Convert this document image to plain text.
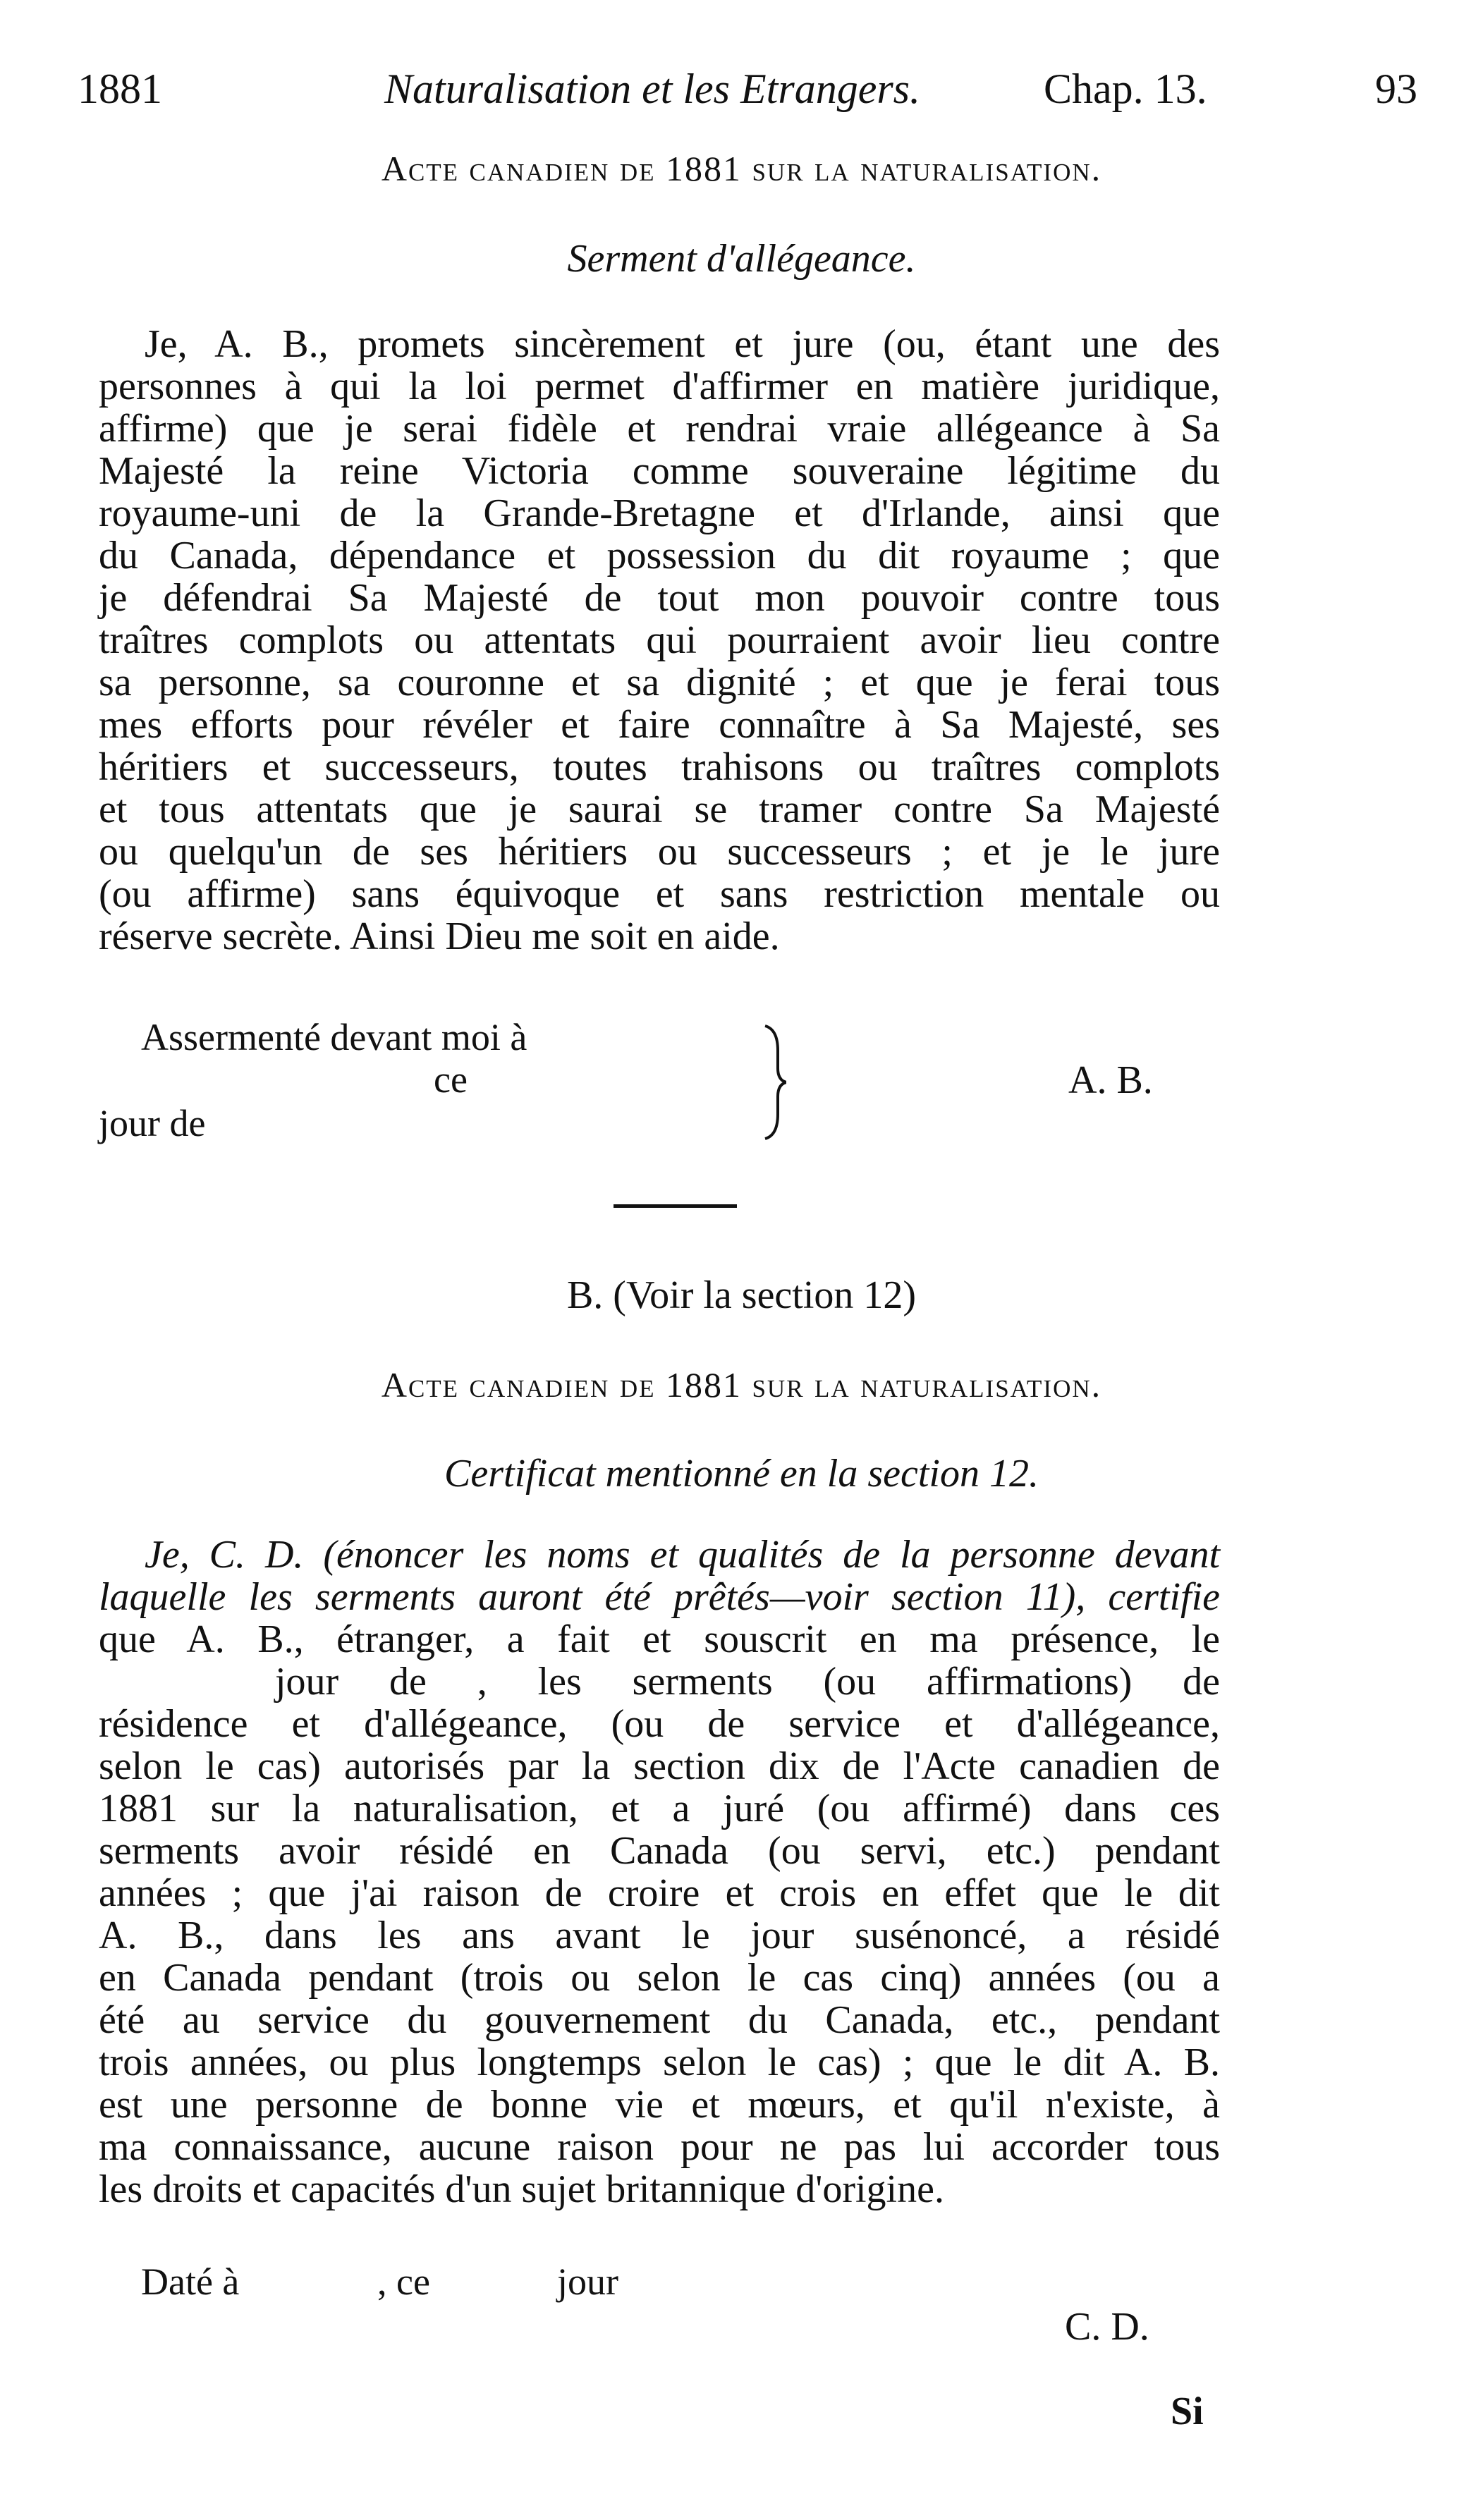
1881	Naturalisation et les Etrangers.	Chap. 13.	93
Acte canadien de 1881 sur la naturalisation.
Serment d'allégeance.
Je, A. B., promets sincèrement et jure (ou, étant une des
personnes à qui la loi permet d'affirmer en matière juridique,
affirme) que je serai fidèle et rendrai vraie allégeance à Sa
Majesté la reine Victoria comme souveraine légitime du
royaume-uni de la Grande-Bretagne et d'Irlande, ainsi que
du Canada, dépendance et possession du dit royaume ; que
je défendrai Sa Majesté de tout mon pouvoir contre tous
traîtres complots ou attentats qui pourraient avoir lieu contre
sa personne, sa couronne et sa dignité ; et que je ferai tous
mes efforts pour révéler et faire connaître à Sa Majesté, ses
héritiers et successeurs, toutes trahisons ou traîtres complots
et tous attentats que je saurai se tramer contre Sa Majesté
ou quelqu'un de ses héritiers ou successeurs ; et je le jure
(ou affirme) sans équivoque et sans restriction mentale ou
réserve secrète. Ainsi Dieu me soit en aide.
Assermenté devant moi à
ce
jour de
A. B.
B. (Voir la section 12)
Acte canadien de 1881 sur la naturalisation.
Certificat mentionné en la section 12.
Je, C. D. (énoncer les noms et qualités de la personne devant
laquelle les serments auront été prêtés—voir section 11), certifie
que A. B., étranger, a fait et souscrit en ma présence, le
jour de , les serments (ou affirmations) de
résidence et d'allégeance, (ou de service et d'allégeance,
selon le cas) autorisés par la section dix de l'Acte canadien de
1881 sur la naturalisation, et a juré (ou affirmé) dans ces
serments avoir résidé en Canada (ou servi, etc.) pendant
années ; que j'ai raison de croire et crois en effet que le dit
A. B., dans les ans avant le jour susénoncé, a résidé
en Canada pendant (trois ou selon le cas cinq) années (ou a
été au service du gouvernement du Canada, etc., pendant
trois années, ou plus longtemps selon le cas) ; que le dit A. B.
est une personne de bonne vie et mœurs, et qu'il n'existe, à
ma connaissance, aucune raison pour ne pas lui accorder tous
les droits et capacités d'un sujet britannique d'origine.
Daté à	, ce	jour
C. D.
Si
